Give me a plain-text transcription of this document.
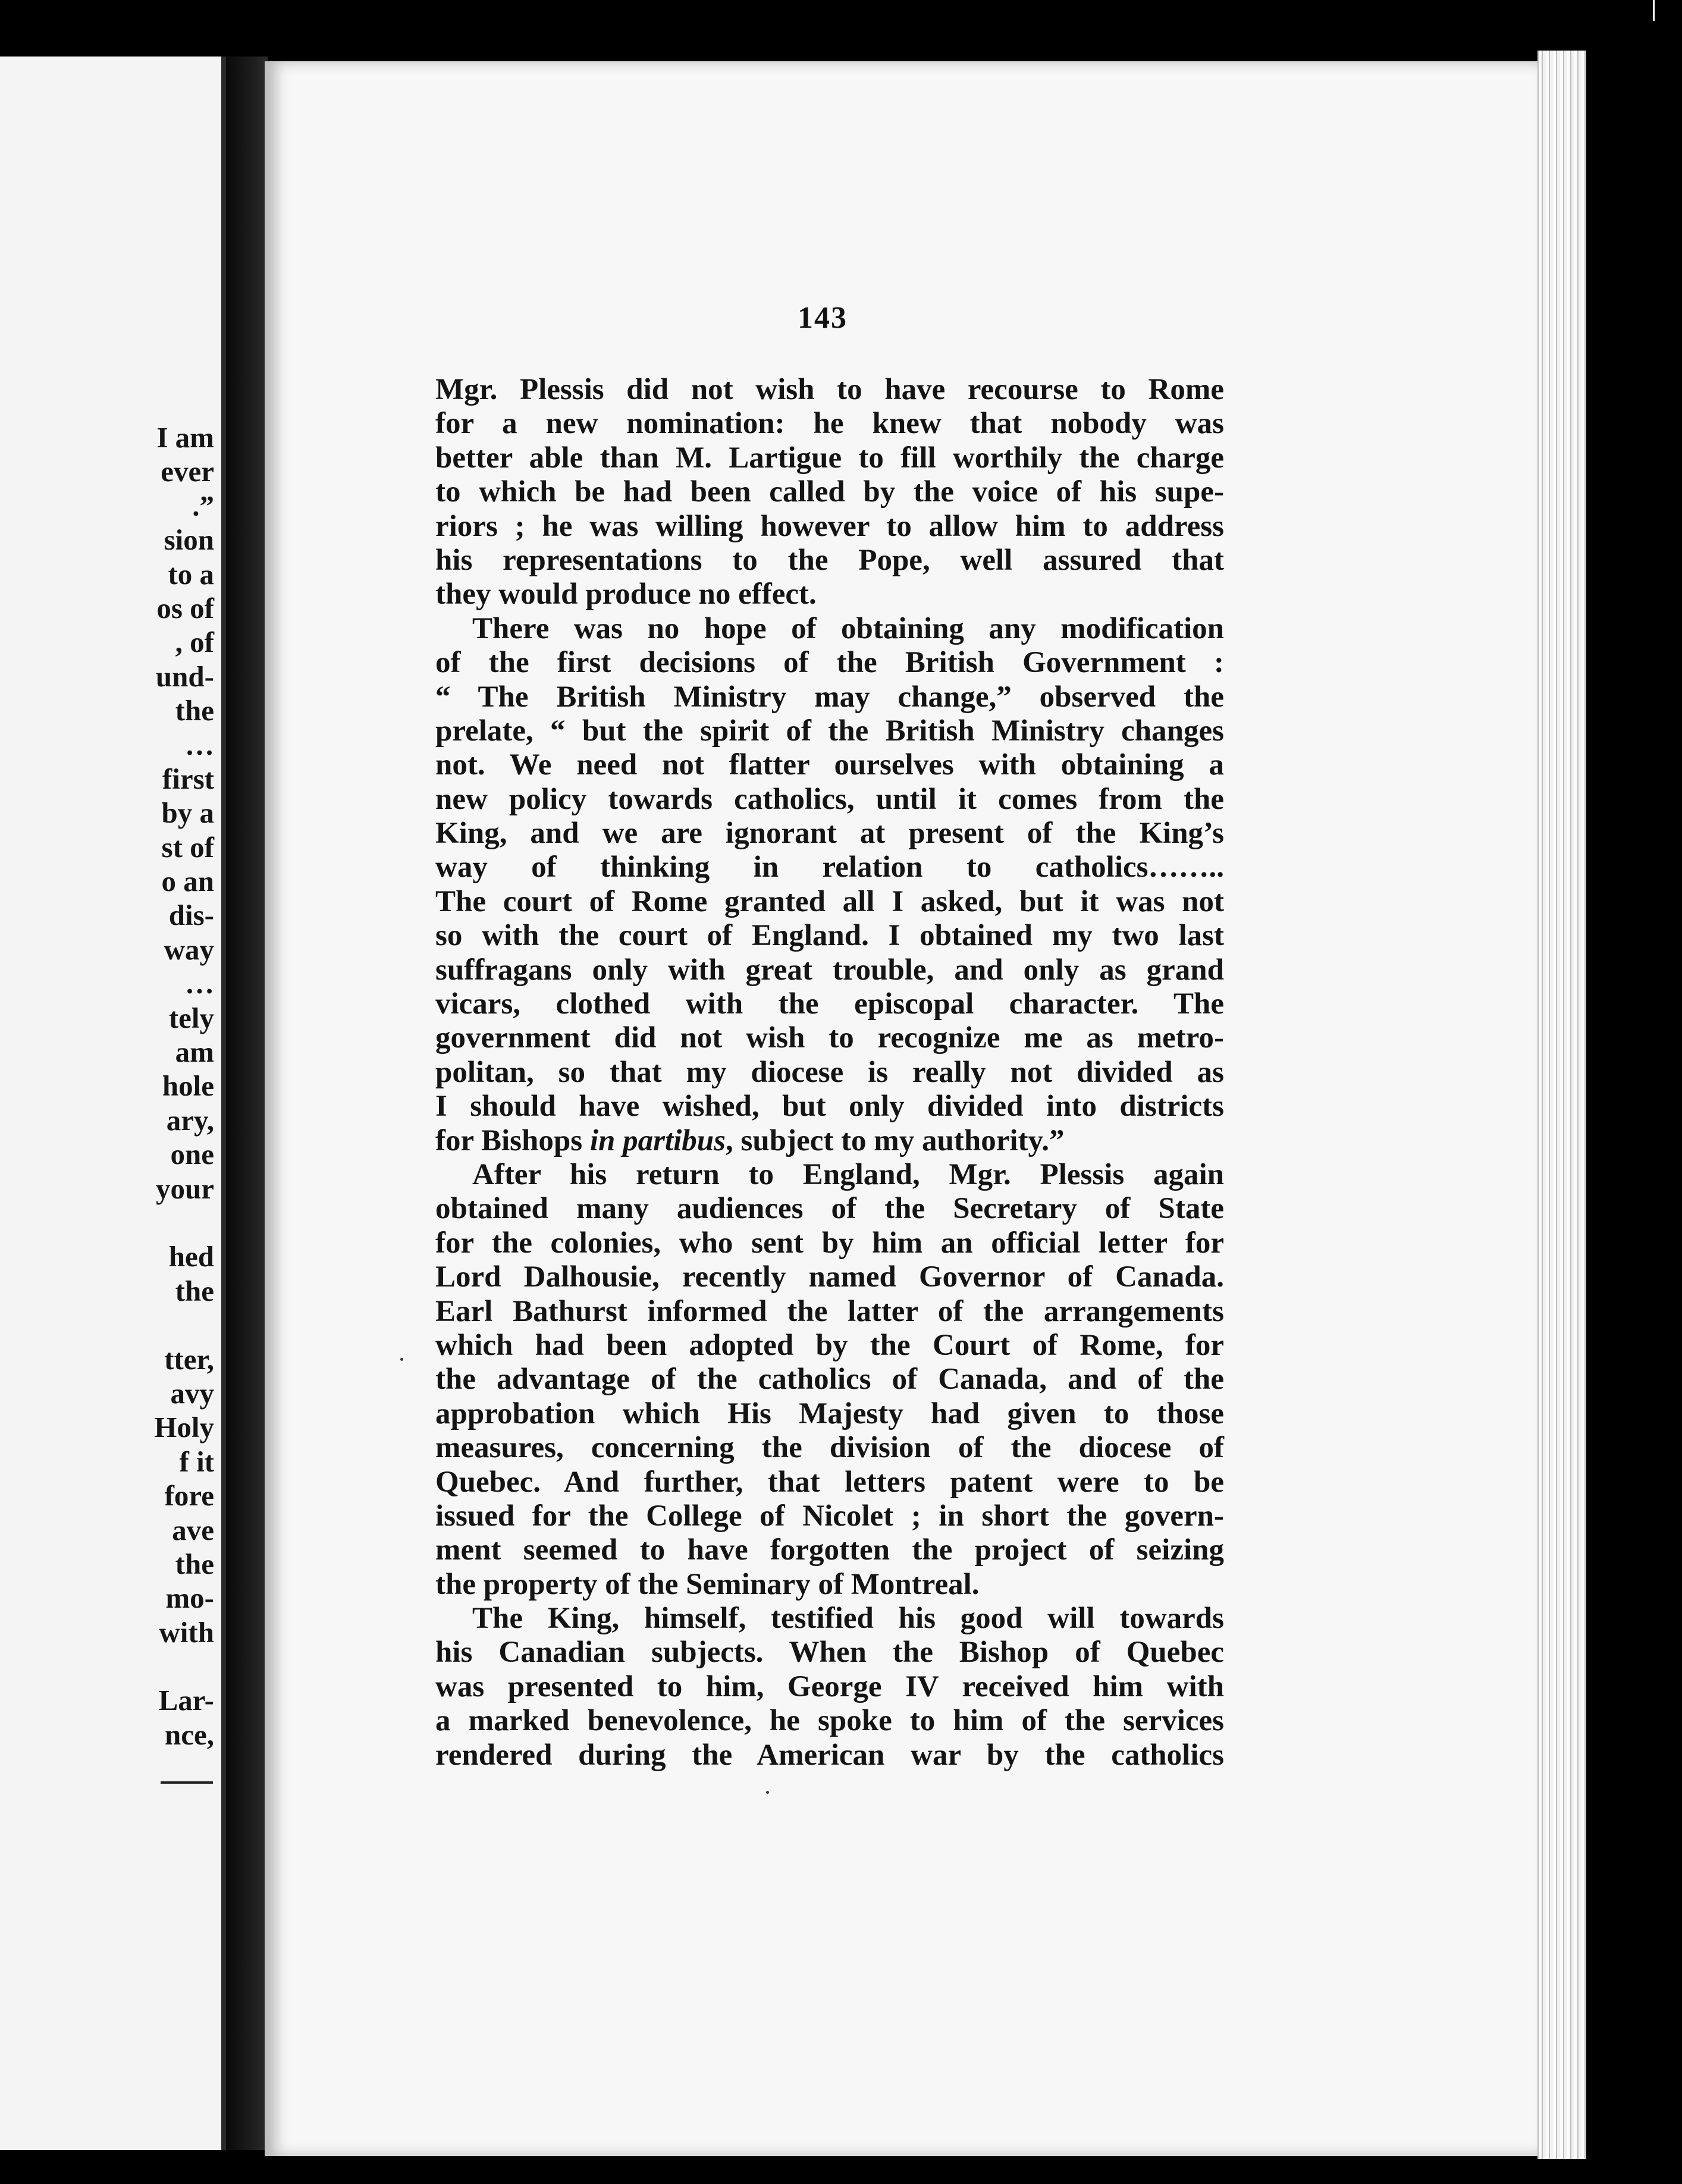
I am
ever
.”
sion
to a
os of
, of
und-
the
…
first
by a
st of
o an
dis-
way
…
tely
am
hole
ary,
one
your
hed
the
tter,
avy
Holy
f it
fore
ave
the
mo-
with
Lar-
nce,
143
Mgr. Plessis did not wish to have recourse to Rome
for a new nomination: he knew that nobody was
better able than M. Lartigue to fill worthily the charge
to which be had been called by the voice of his supe-
riors ; he was willing however to allow him to address
his representations to the Pope, well assured that
they would produce no effect.
There was no hope of obtaining any modification
of the first decisions of the British Government :
“ The British Ministry may change,” observed the
prelate, “ but the spirit of the British Ministry changes
not. We need not flatter ourselves with obtaining a
new policy towards catholics, until it comes from the
King, and we are ignorant at present of the King’s
way of thinking in relation to catholics……..
The court of Rome granted all I asked, but it was not
so with the court of England. I obtained my two last
suffragans only with great trouble, and only as grand
vicars, clothed with the episcopal character. The
government did not wish to recognize me as metro-
politan, so that my diocese is really not divided as
I should have wished, but only divided into districts
for Bishops in partibus, subject to my authority.”
After his return to England, Mgr. Plessis again
obtained many audiences of the Secretary of State
for the colonies, who sent by him an official letter for
Lord Dalhousie, recently named Governor of Canada.
Earl Bathurst informed the latter of the arrangements
which had been adopted by the Court of Rome, for
the advantage of the catholics of Canada, and of the
approbation which His Majesty had given to those
measures, concerning the division of the diocese of
Quebec. And further, that letters patent were to be
issued for the College of Nicolet ; in short the govern-
ment seemed to have forgotten the project of seizing
the property of the Seminary of Montreal.
The King, himself, testified his good will towards
his Canadian subjects. When the Bishop of Quebec
was presented to him, George IV received him with
a marked benevolence, he spoke to him of the services
rendered during the American war by the catholics
